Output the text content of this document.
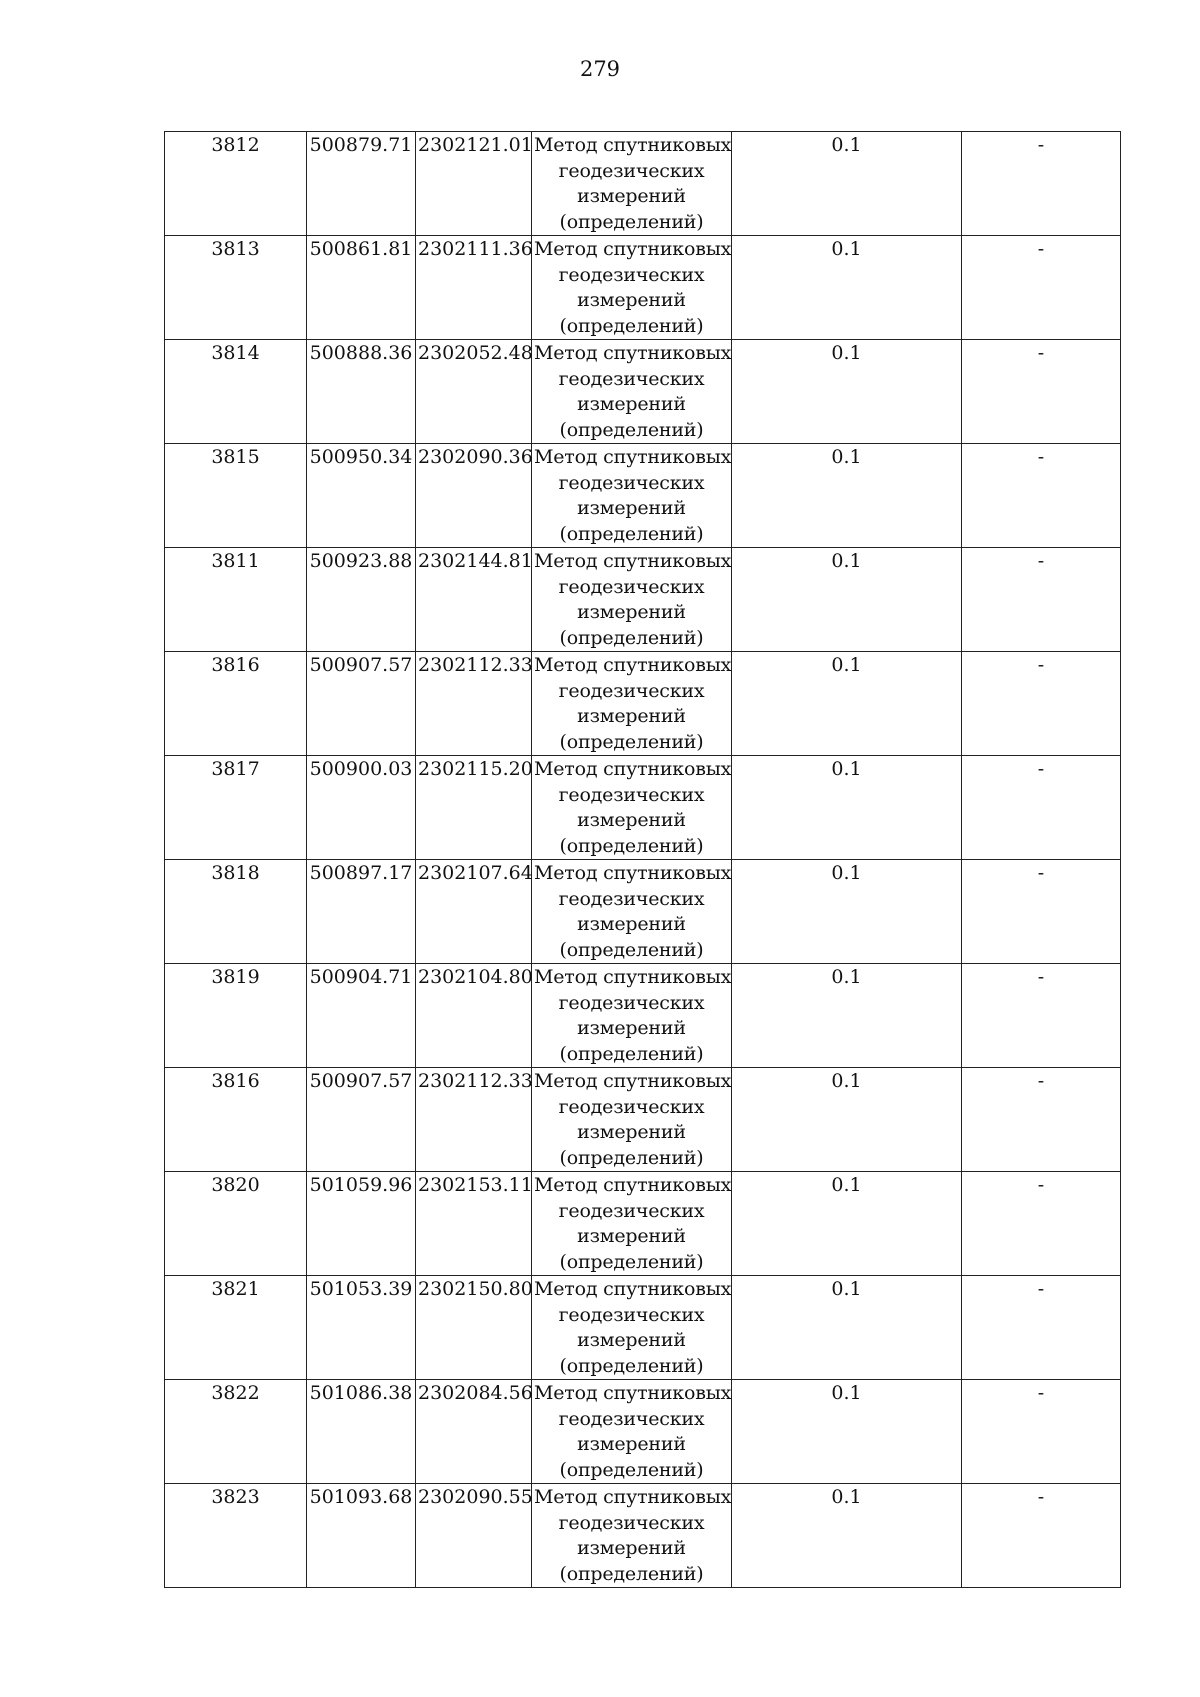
279
3812	500879.71	2302121.01	Метод спутниковых
геодезических
измерений
(определений)	0.1	-
3813	500861.81	2302111.36	Метод спутниковых
геодезических
измерений
(определений)	0.1	-
3814	500888.36	2302052.48	Метод спутниковых
геодезических
измерений
(определений)	0.1	-
3815	500950.34	2302090.36	Метод спутниковых
геодезических
измерений
(определений)	0.1	-
3811	500923.88	2302144.81	Метод спутниковых
геодезических
измерений
(определений)	0.1	-
3816	500907.57	2302112.33	Метод спутниковых
геодезических
измерений
(определений)	0.1	-
3817	500900.03	2302115.20	Метод спутниковых
геодезических
измерений
(определений)	0.1	-
3818	500897.17	2302107.64	Метод спутниковых
геодезических
измерений
(определений)	0.1	-
3819	500904.71	2302104.80	Метод спутниковых
геодезических
измерений
(определений)	0.1	-
3816	500907.57	2302112.33	Метод спутниковых
геодезических
измерений
(определений)	0.1	-
3820	501059.96	2302153.11	Метод спутниковых
геодезических
измерений
(определений)	0.1	-
3821	501053.39	2302150.80	Метод спутниковых
геодезических
измерений
(определений)	0.1	-
3822	501086.38	2302084.56	Метод спутниковых
геодезических
измерений
(определений)	0.1	-
3823	501093.68	2302090.55	Метод спутниковых
геодезических
измерений
(определений)	0.1	-
